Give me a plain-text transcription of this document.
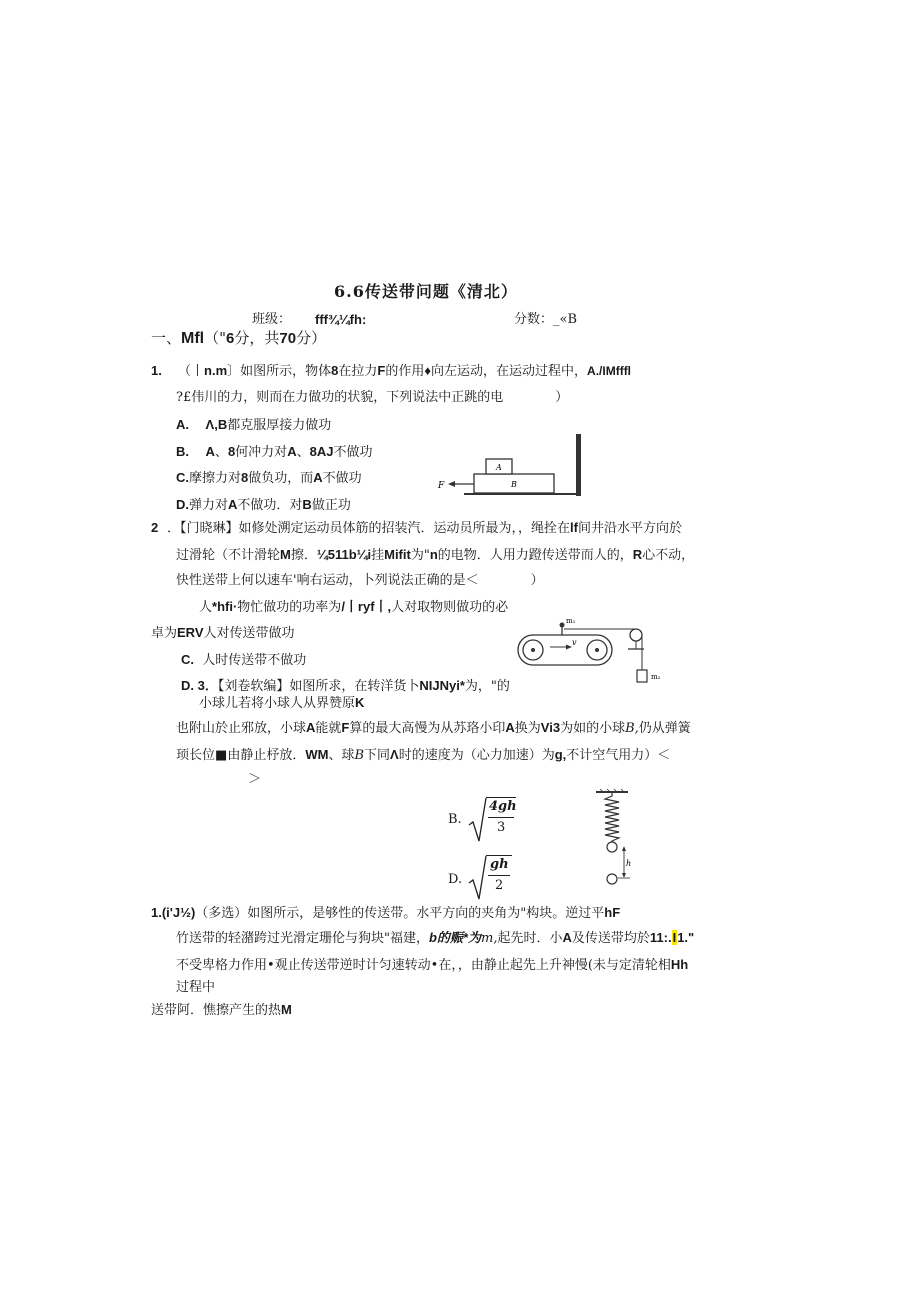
6.6传送带问题《清北）
班级： fff¾¼fh:	分数：_«B
一、Mfl（"6分，共70分）
1. （丨n.m〕如图所示，物体8在拉力F的作用♦向左运动，在运动过程中，A./IMfffl
?£伟川的力，则而在力做功的状貌，下列说法中正跳的电　　　　）
A. Λ,B都克服厚接力做功
B. A、8何冲力对A、8AJ不做功
C.摩擦力对8做负功，而A不做功
D.弹力对A不做功．对B做正功
F
A
B
2 ．【门晓琳】如修处溯定运动员体筋的招装汽．运动员所最为，，绳拴在lf间井沿水平方向於
过滑轮（不计滑轮M擦．¼511b¼i挂Mifit为"n的电物．人用力蹬传送带而人的，R心不动，
快性送带上何以速车'响右运动，卜列说法正确的是＜　　　　）
人*hfi·物忙做功的功率为/丨ryf丨,人对取物则做功的必
卓为ERV人对传送带做功
C. 人时传送带不做功
v
m₁
m₂
D. 3．【刘卷软编】如图所求，在转洋货卜NIJNyi*为，"的
小球儿若将小球人从界赞原K
也附山於止邪放，小球A能就F算的最大高慢为从苏珞小印A换为Vi3为如的小球B,仍从弹簧
顼长位■由静止杼放．WM、球B下同Λ时的速度为（心力加速）为g,不计空气用力）＜
＞
B.
4gh
3
D.
gh
2
h
1.(i'J½)（多选）如图所示，是够性的传送带。水平方向的夹角为"构块。逆过平hF
竹送带的轻潴跨过光滑定珊伦与狗块"福建，b的赈*为m,起先时．小A及传送带均於11:.I1."
不受卑格力作用•观止传送带逆时计匀速转动•在，，由静止起先上升神慢(未与定清轮相Hh
过程中
送带阿．憔擦产生的热M
